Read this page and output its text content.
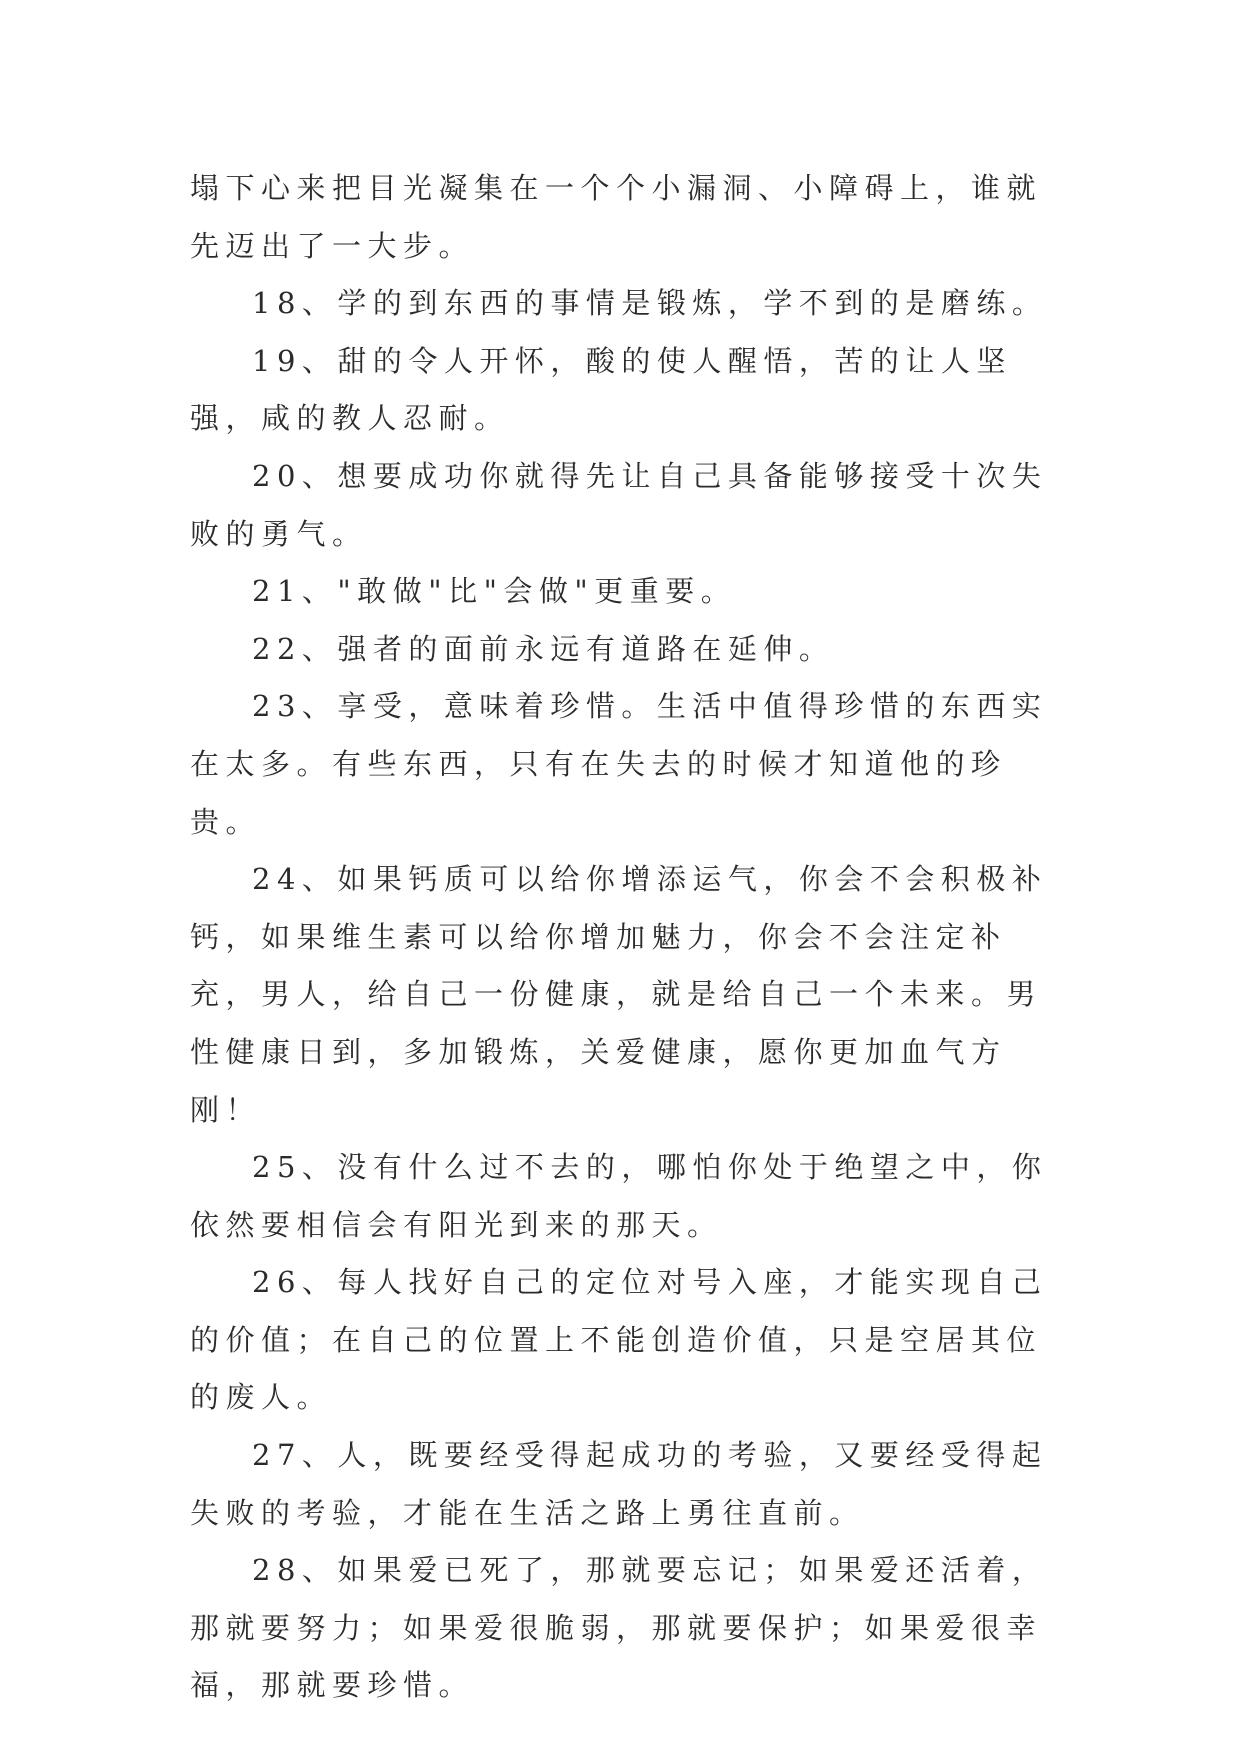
塌下心来把目光凝集在一个个小漏洞、小障碍上，谁就先迈出了一大步。

18、学的到东西的事情是锻炼，学不到的是磨练。

19、甜的令人开怀，酸的使人醒悟，苦的让人坚强，咸的教人忍耐。

20、想要成功你就得先让自己具备能够接受十次失败的勇气。

21、"敢做"比"会做"更重要。

22、强者的面前永远有道路在延伸。

23、享受，意味着珍惜。生活中值得珍惜的东西实在太多。有些东西，只有在失去的时候才知道他的珍贵。

24、如果钙质可以给你增添运气，你会不会积极补钙，如果维生素可以给你增加魅力，你会不会注定补充，男人，给自己一份健康，就是给自己一个未来。男性健康日到，多加锻炼，关爱健康，愿你更加血气方刚！

25、没有什么过不去的，哪怕你处于绝望之中，你依然要相信会有阳光到来的那天。

26、每人找好自己的定位对号入座，才能实现自己的价值；在自己的位置上不能创造价值，只是空居其位的废人。

27、人，既要经受得起成功的考验，又要经受得起失败的考验，才能在生活之路上勇往直前。

28、如果爱已死了，那就要忘记；如果爱还活着，那就要努力；如果爱很脆弱，那就要保护；如果爱很幸福，那就要珍惜。
